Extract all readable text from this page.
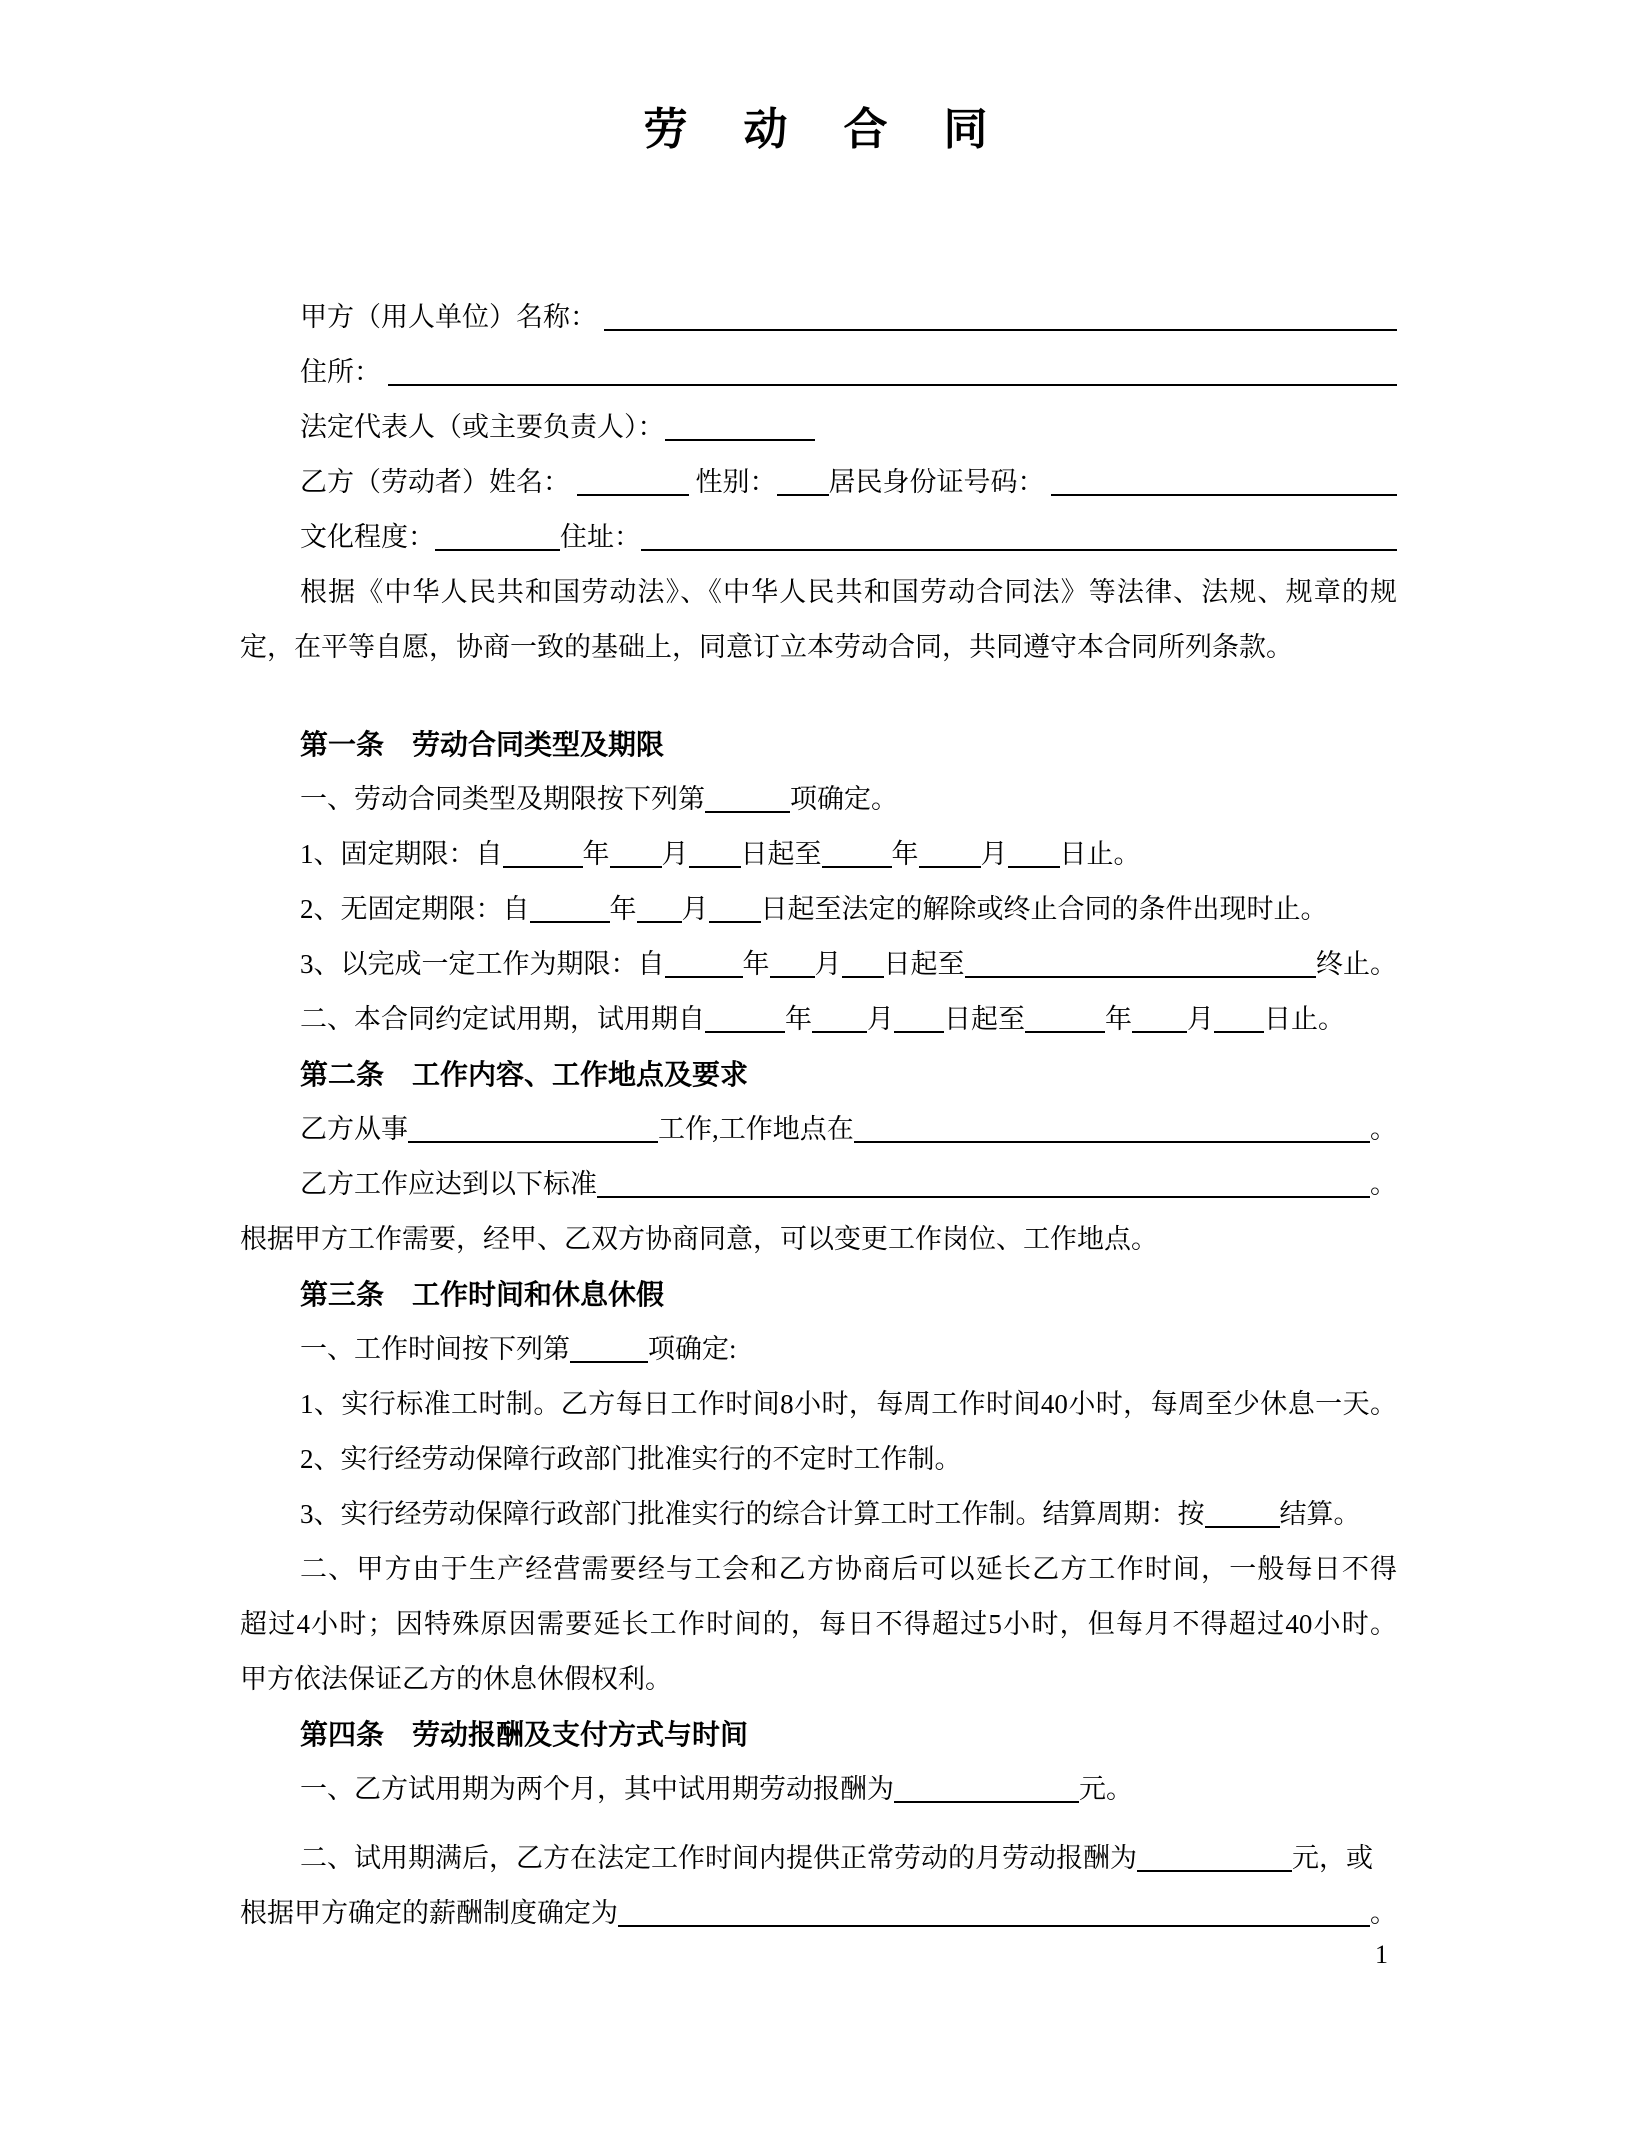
劳　动　合　同
甲方（用人单位）名称：
住所：
法定代表人（或主要负责人）：
乙方（劳动者）姓名：	性别： 居民身份证号码：
文化程度：	住址：
根据《中华人民共和国劳动法》、《中华人民共和国劳动合同法》等法律、法规、规章的规
定，在平等自愿，协商一致的基础上，同意订立本劳动合同，共同遵守本合同所列条款。
第一条　劳动合同类型及期限
一、劳动合同类型及期限按下列第	项确定。
1、固定期限：自	年 月 日起至	年 月 日止。
2、无固定期限：自	年 月 日起至法定的解除或终止合同的条件出现时止。
3、以完成一定工作为期限：自	年 月 日起至	终止。
二、本合同约定试用期，试用期自	年 月 日起至	年 月 日止。
第二条　工作内容、工作地点及要求
乙方从事	工作,工作地点在	。
乙方工作应达到以下标准	。
根据甲方工作需要，经甲、乙双方协商同意，可以变更工作岗位、工作地点。
第三条　工作时间和休息休假
一、工作时间按下列第	项确定:
1、实行标准工时制。乙方每日工作时间8小时，每周工作时间40小时，每周至少休息一天。
2、实行经劳动保障行政部门批准实行的不定时工作制。
3、实行经劳动保障行政部门批准实行的综合计算工时工作制。结算周期：按	结算。
二、甲方由于生产经营需要经与工会和乙方协商后可以延长乙方工作时间，一般每日不得
超过4小时；因特殊原因需要延长工作时间的，每日不得超过5小时，但每月不得超过40小时。
甲方依法保证乙方的休息休假权利。
第四条　劳动报酬及支付方式与时间
一、乙方试用期为两个月，其中试用期劳动报酬为	元。
二、试用期满后，乙方在法定工作时间内提供正常劳动的月劳动报酬为	元，或
根据甲方确定的薪酬制度确定为	。
1
